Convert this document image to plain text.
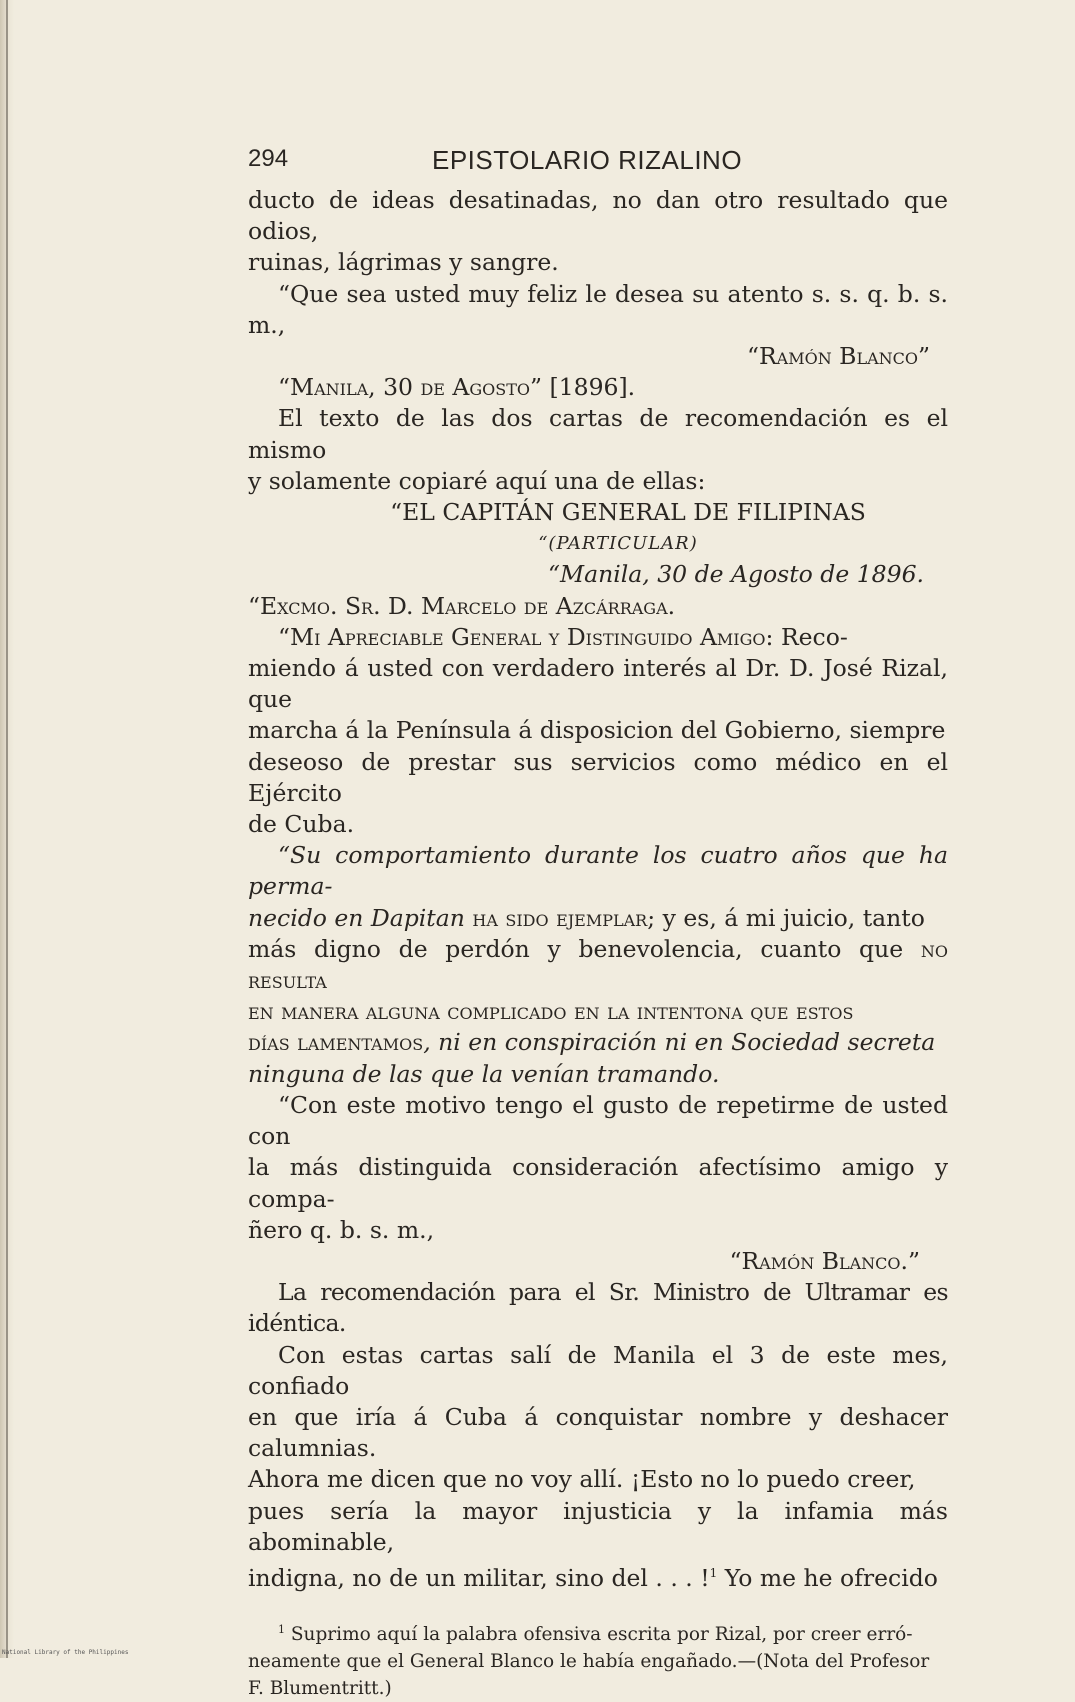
294	EPISTOLARIO RIZALINO

ducto de ideas desatinadas, no dan otro resultado que odios,

ruinas, lágrimas y sangre.

“Que sea usted muy feliz le desea su atento s. s. q. b. s. m.,

“Ramón Blanco”

“Manila, 30 de Agosto” [1896].

El texto de las dos cartas de recomendación es el mismo

y solamente copiaré aquí una de ellas:

“EL CAPITÁN GENERAL DE FILIPINAS

“(PARTICULAR)

“Manila, 30 de Agosto de 1896.

“Excmo. Sr. D. Marcelo de Azcárraga.

“Mi Apreciable General y Distinguido Amigo: Reco-

miendo á usted con verdadero interés al Dr. D. José Rizal, que

marcha á la Península á disposicion del Gobierno, siempre

deseoso de prestar sus servicios como médico en el Ejército

de Cuba.

“Su comportamiento durante los cuatro años que ha perma-

necido en Dapitan ha sido ejemplar; y es, á mi juicio, tanto

más digno de perdón y benevolencia, cuanto que no resulta

en manera alguna complicado en la intentona que estos

días lamentamos, ni en conspiración ni en Sociedad secreta

ninguna de las que la venían tramando.

“Con este motivo tengo el gusto de repetirme de usted con

la más distinguida consideración afectísimo amigo y compa-

ñero q. b. s. m.,

“Ramón Blanco.”

La recomendación para el Sr. Ministro de Ultramar es idéntica.

Con estas cartas salí de Manila el 3 de este mes, confiado

en que iría á Cuba á conquistar nombre y deshacer calumnias.

Ahora me dicen que no voy allí. ¡Esto no lo puedo creer,

pues sería la mayor injusticia y la infamia más abominable,

indigna, no de un militar, sino del . . . !$^1$ Yo me he ofrecido

$^1$ Suprimo aquí la palabra ofensiva escrita por Rizal, por creer erró-

neamente que el General Blanco le había engañado.—(Nota del Profesor

F. Blumentritt.)

National Library of the Philippines
